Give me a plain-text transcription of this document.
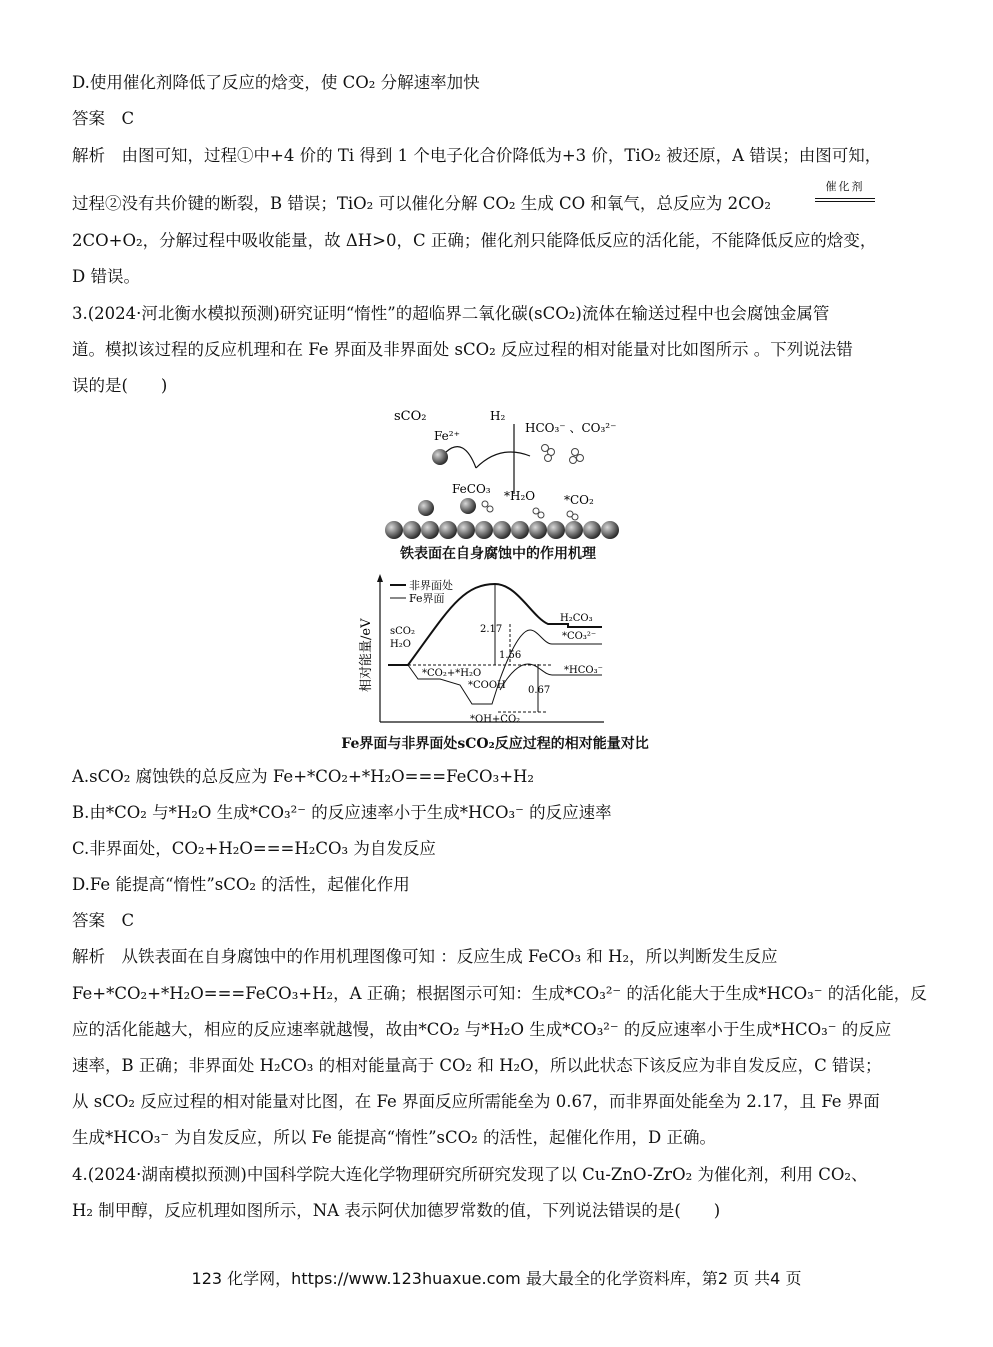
D.使用催化剂降低了反应的焓变，使 CO₂ 分解速率加快
答案　C
解析　由图可知，过程①中+4 价的 Ti 得到 1 个电子化合价降低为+3 价，TiO₂ 被还原，A 错误；由图可知，
过程②没有共价键的断裂，B 错误；TiO₂ 可以催化分解 CO₂ 生成 CO 和氧气，总反应为 2CO₂
催化剂
2CO+O₂，分解过程中吸收能量，故 ΔH>0，C 正确；催化剂只能降低反应的活化能，不能降低反应的焓变，
D 错误。
3.(2024·河北衡水模拟预测)研究证明“惰性”的超临界二氧化碳(sCO₂)流体在输送过程中也会腐蚀金属管
道。模拟该过程的反应机理和在 Fe 界面及非界面处 sCO₂ 反应过程的相对能量对比如图所示 。下列说法错
误的是(　　)
sCO₂
Fe²⁺
H₂
HCO₃⁻ 、CO₃²⁻
FeCO₃ *H₂O *CO₂
铁表面在自身腐蚀中的作用机理
相对能量/eV
非界面处
Fe界面
sCO₂
H₂O
H₂CO₃
*CO₃²⁻
*HCO₃⁻
*CO₂+*H₂O
*COOH
*OH+CO₂
2.17
1.56
0.67
Fe界面与非界面处sCO₂反应过程的相对能量对比
A.sCO₂ 腐蚀铁的总反应为 Fe+*CO₂+*H₂O===FeCO₃+H₂
B.由*CO₂ 与*H₂O 生成*CO₃²⁻ 的反应速率小于生成*HCO₃⁻ 的反应速率
C.非界面处，CO₂+H₂O===H₂CO₃ 为自发反应
D.Fe 能提高“惰性”sCO₂ 的活性，起催化作用
答案　C
解析　从铁表面在自身腐蚀中的作用机理图像可知 ：反应生成 FeCO₃ 和 H₂，所以判断发生反应
Fe+*CO₂+*H₂O===FeCO₃+H₂，A 正确；根据图示可知：生成*CO₃²⁻ 的活化能大于生成*HCO₃⁻ 的活化能，反
应的活化能越大，相应的反应速率就越慢，故由*CO₂ 与*H₂O 生成*CO₃²⁻ 的反应速率小于生成*HCO₃⁻ 的反应
速率，B 正确；非界面处 H₂CO₃ 的相对能量高于 CO₂ 和 H₂O，所以此状态下该反应为非自发反应，C 错误；
从 sCO₂ 反应过程的相对能量对比图，在 Fe 界面反应所需能垒为 0.67，而非界面处能垒为 2.17，且 Fe 界面
生成*HCO₃⁻ 为自发反应，所以 Fe 能提高“惰性”sCO₂ 的活性，起催化作用，D 正确。
4.(2024·湖南模拟预测)中国科学院大连化学物理研究所研究发现了以 Cu-ZnO-ZrO₂ 为催化剂，利用 CO₂、
H₂ 制甲醇，反应机理如图所示，NA 表示阿伏加德罗常数的值，下列说法错误的是(　　)
123 化学网，https://www.123huaxue.com 最大最全的化学资料库，第2 页 共4 页
